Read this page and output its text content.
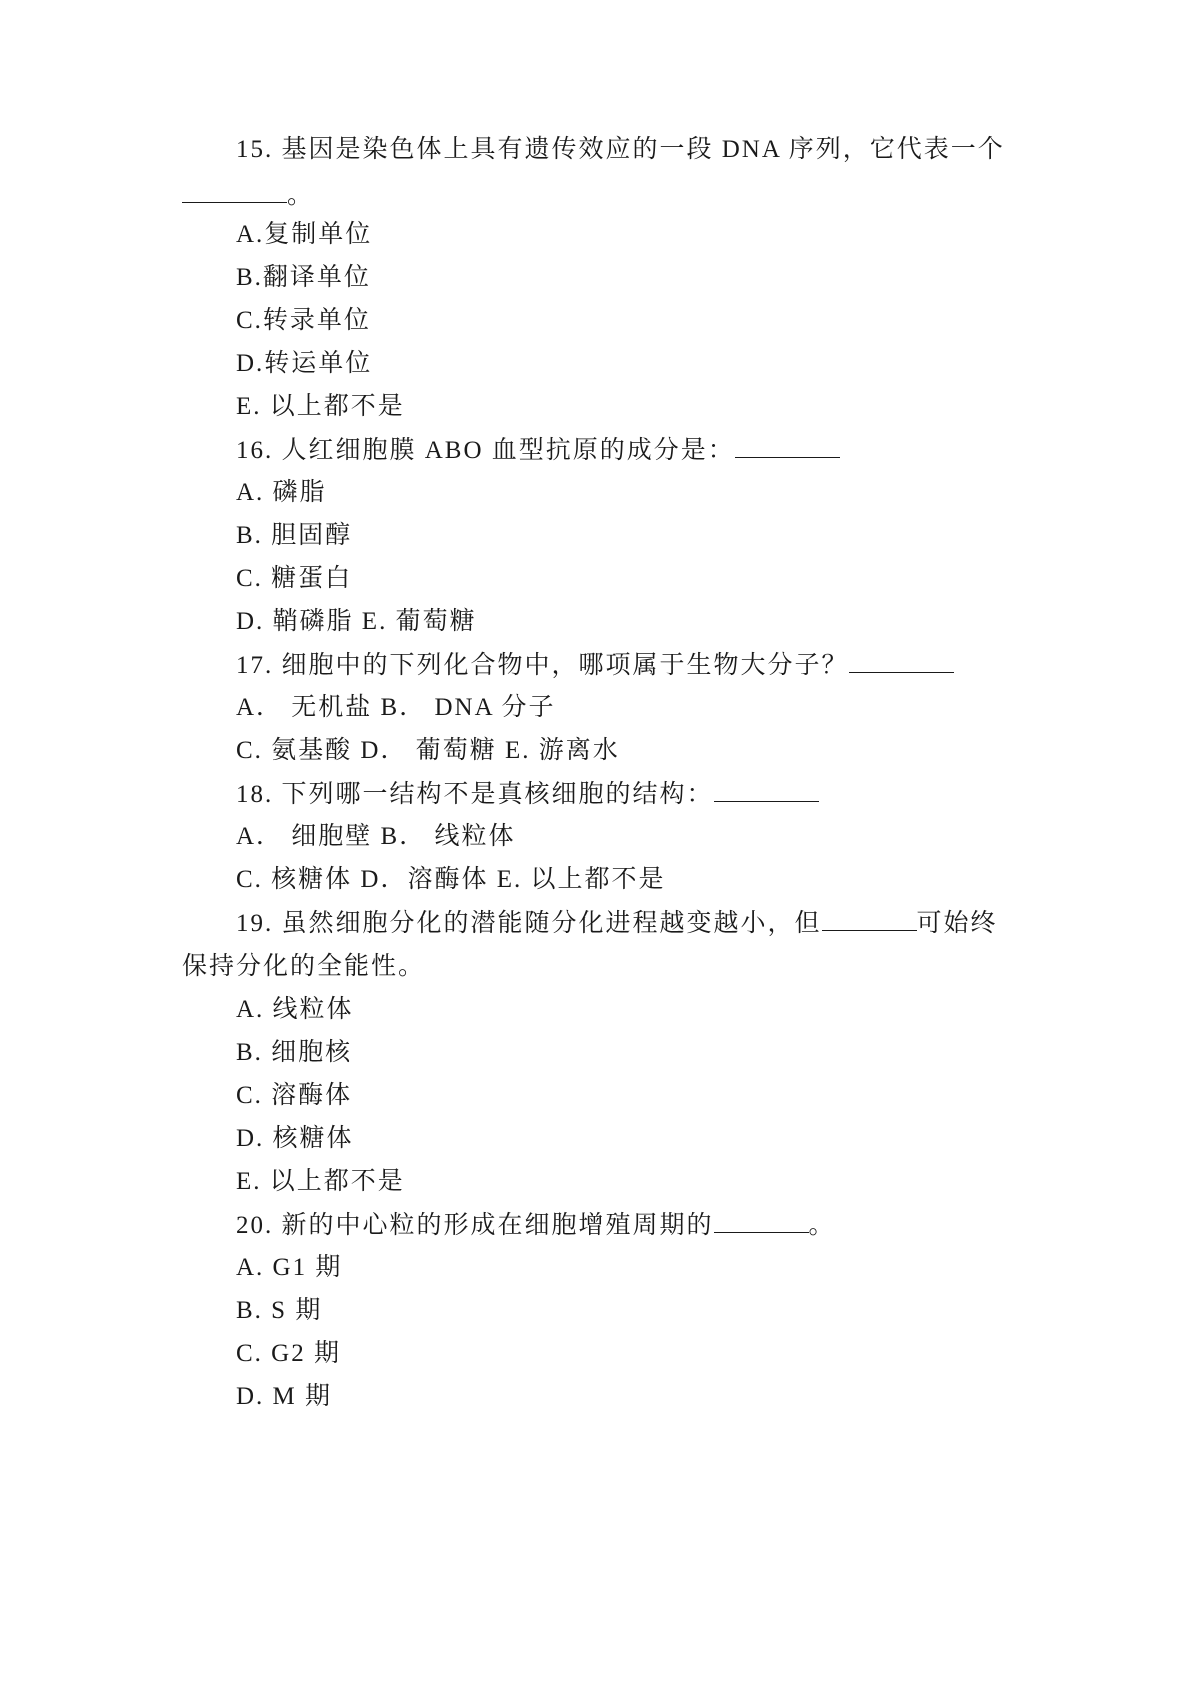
15. 基因是染色体上具有遗传效应的一段 DNA 序列，它代表一个
。
A.复制单位
B.翻译单位
C.转录单位
D.转运单位
E. 以上都不是
16. 人红细胞膜 ABO 血型抗原的成分是：
A. 磷脂
B. 胆固醇
C. 糖蛋白
D. 鞘磷脂 E. 葡萄糖
17. 细胞中的下列化合物中，哪项属于生物大分子？
A． 无机盐 B． DNA 分子
C. 氨基酸 D． 葡萄糖 E. 游离水
18. 下列哪一结构不是真核细胞的结构：
A． 细胞壁 B． 线粒体
C. 核糖体 D．溶酶体 E. 以上都不是
19. 虽然细胞分化的潜能随分化进程越变越小，但	可始终
保持分化的全能性。
A. 线粒体
B. 细胞核
C. 溶酶体
D. 核糖体
E. 以上都不是
20. 新的中心粒的形成在细胞增殖周期的	。
A. G1 期
B. S 期
C. G2 期
D. M 期
